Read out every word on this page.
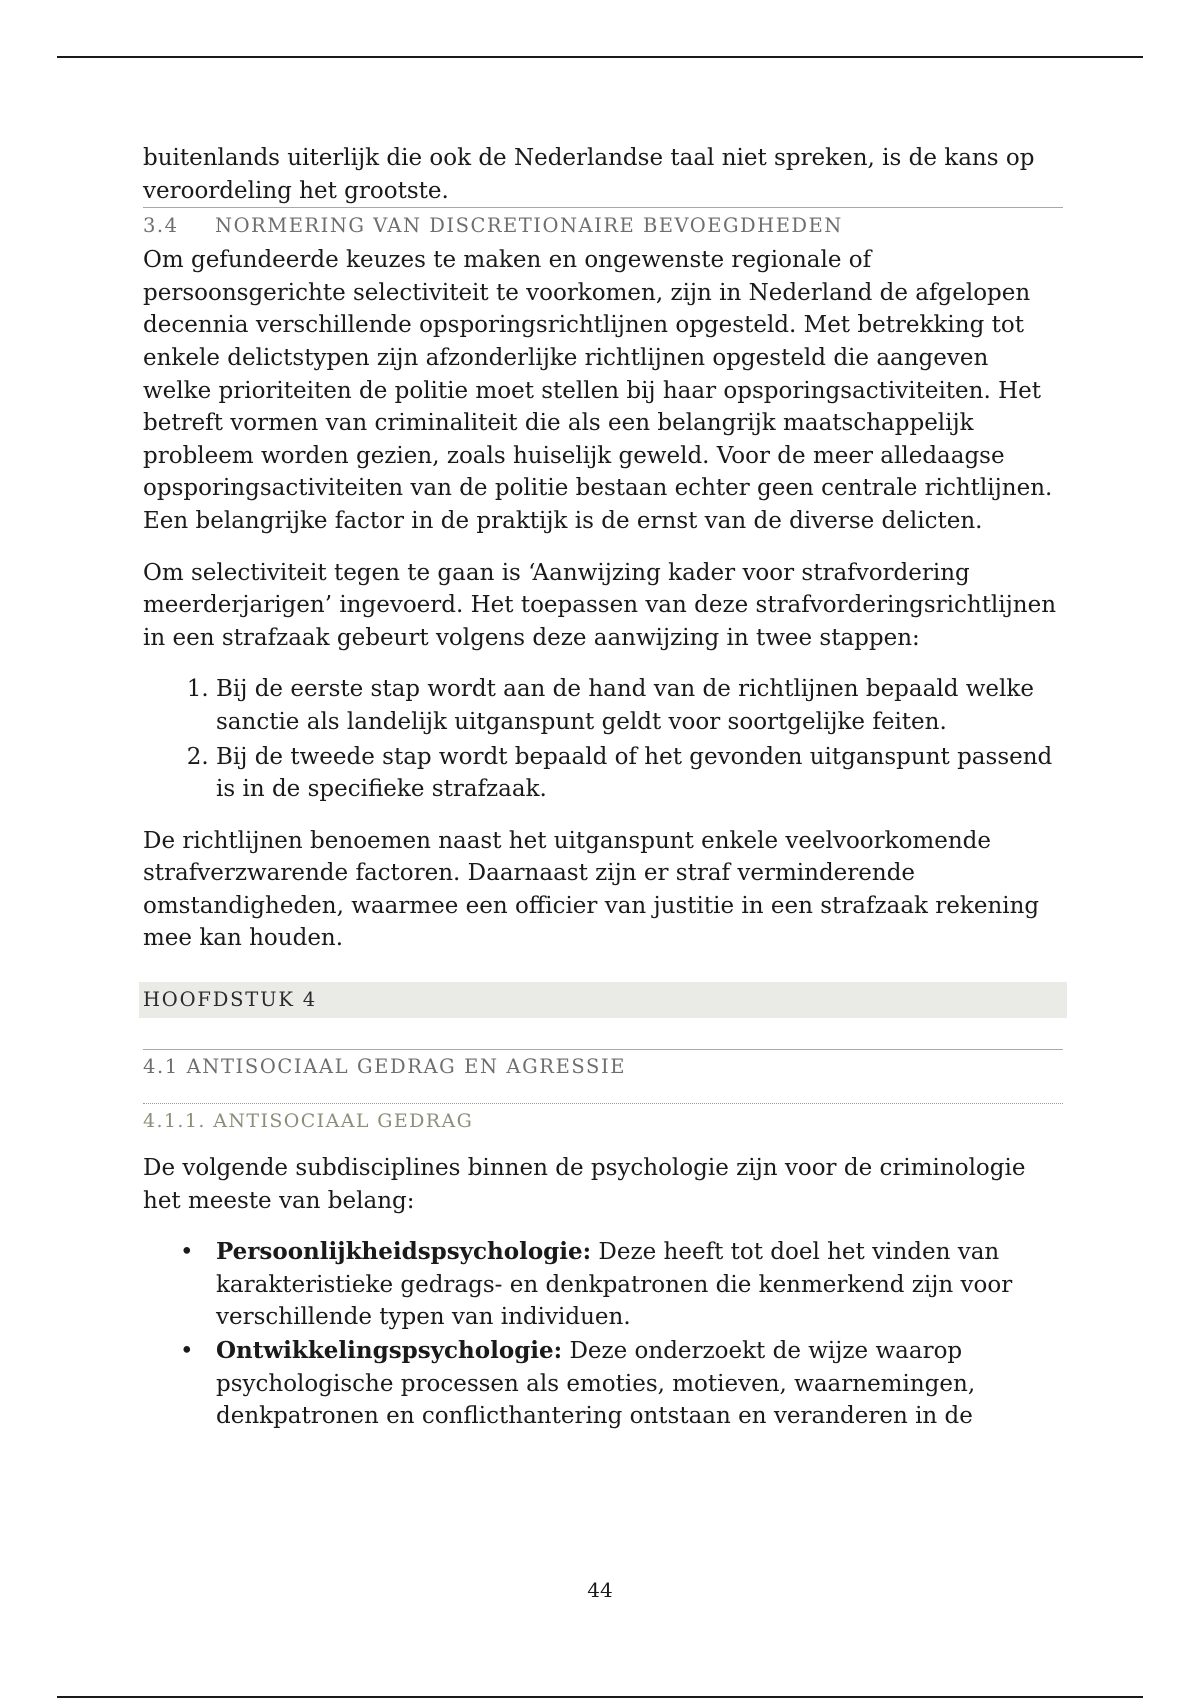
buitenlands uiterlijk die ook de Nederlandse taal niet spreken, is de kans op veroordeling het grootste.

3.4 NORMERING VAN DISCRETIONAIRE BEVOEGDHEDEN

Om gefundeerde keuzes te maken en ongewenste regionale of persoonsgerichte selectiviteit te voorkomen, zijn in Nederland de afgelopen decennia verschillende opsporingsrichtlijnen opgesteld. Met betrekking tot enkele delictstypen zijn afzonderlijke richtlijnen opgesteld die aangeven welke prioriteiten de politie moet stellen bij haar opsporingsactiviteiten. Het betreft vormen van criminaliteit die als een belangrijk maatschappelijk probleem worden gezien, zoals huiselijk geweld. Voor de meer alledaagse opsporingsactiviteiten van de politie bestaan echter geen centrale richtlijnen. Een belangrijke factor in de praktijk is de ernst van de diverse delicten.

Om selectiviteit tegen te gaan is ‘Aanwijzing kader voor strafvordering meerderjarigen’ ingevoerd. Het toepassen van deze strafvorderingsrichtlijnen in een strafzaak gebeurt volgens deze aanwijzing in twee stappen:

1. Bij de eerste stap wordt aan de hand van de richtlijnen bepaald welke sanctie als landelijk uitganspunt geldt voor soortgelijke feiten.
2. Bij de tweede stap wordt bepaald of het gevonden uitganspunt passend is in de specifieke strafzaak.

De richtlijnen benoemen naast het uitganspunt enkele veelvoorkomende strafverzwarende factoren. Daarnaast zijn er straf verminderende omstandigheden, waarmee een officier van justitie in een strafzaak rekening mee kan houden.

HOOFDSTUK 4
4.1 ANTISOCIAAL GEDRAG EN AGRESSIE
4.1.1. ANTISOCIAAL GEDRAG

De volgende subdisciplines binnen de psychologie zijn voor de criminologie het meeste van belang:

• Persoonlijkheidspsychologie: Deze heeft tot doel het vinden van karakteristieke gedrags- en denkpatronen die kenmerkend zijn voor verschillende typen van individuen.
• Ontwikkelingspsychologie: Deze onderzoekt de wijze waarop psychologische processen als emoties, motieven, waarnemingen, denkpatronen en conflicthantering ontstaan en veranderen in de
44
